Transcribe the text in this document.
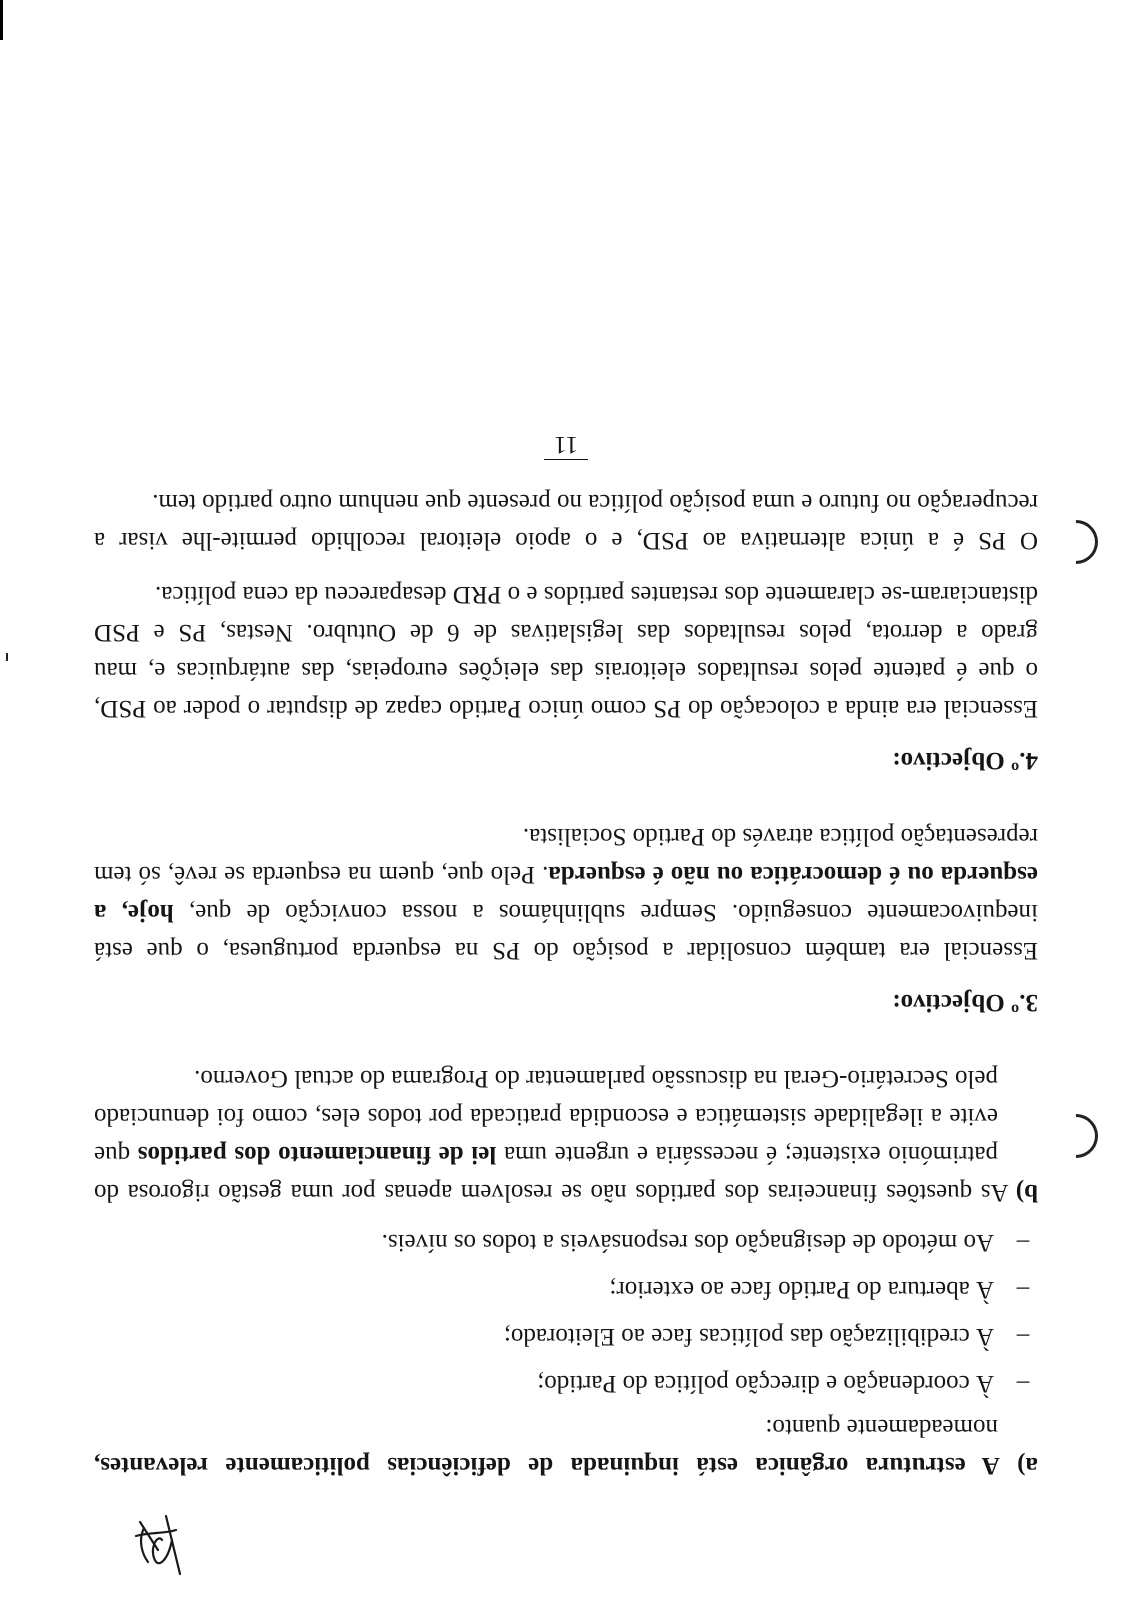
a) A estrutura orgânica está inquinada de deficiências politicamente relevantes, nomeadamente quanto:

–À coordenação e direcção política do Partido;
–À credibilização das políticas face ao Eleitorado;
–À abertura do Partido face ao exterior;
–Ao método de designação dos responsáveis a todos os níveis.

b) As questões financeiras dos partidos não se resolvem apenas por uma gestão rigorosa do património existente; é necessária e urgente uma lei de financiamento dos partidos que evite a ilegalidade sistemática e escondida praticada por todos eles, como foi denunciado pelo Secretário-Geral na discussão parlamentar do Programa do actual Governo.

3.º Objectivo:

Essencial era também consolidar a posição do PS na esquerda portuguesa, o que está inequivocamente conseguido. Sempre sublinhámos a nossa convicção de que, hoje, a esquerda ou é democrática ou não é esquerda. Pelo que, quem na esquerda se revê, só tem representação política através do Partido Socialista.

4.º Objectivo:

Essencial era ainda a colocação do PS como único Partido capaz de disputar o poder ao PSD, o que é patente pelos resultados eleitorais das eleições europeias, das autárquicas e, mau grado a derrota, pelos resultados das legislativas de 6 de Outubro. Nestas, PS e PSD distanciaram-se claramente dos restantes partidos e o PRD desapareceu da cena política.

O PS é a única alternativa ao PSD, e o apoio eleitoral recolhido permite-lhe visar a recuperação no futuro e uma posição política no presente que nenhum outro partido tem.

11
